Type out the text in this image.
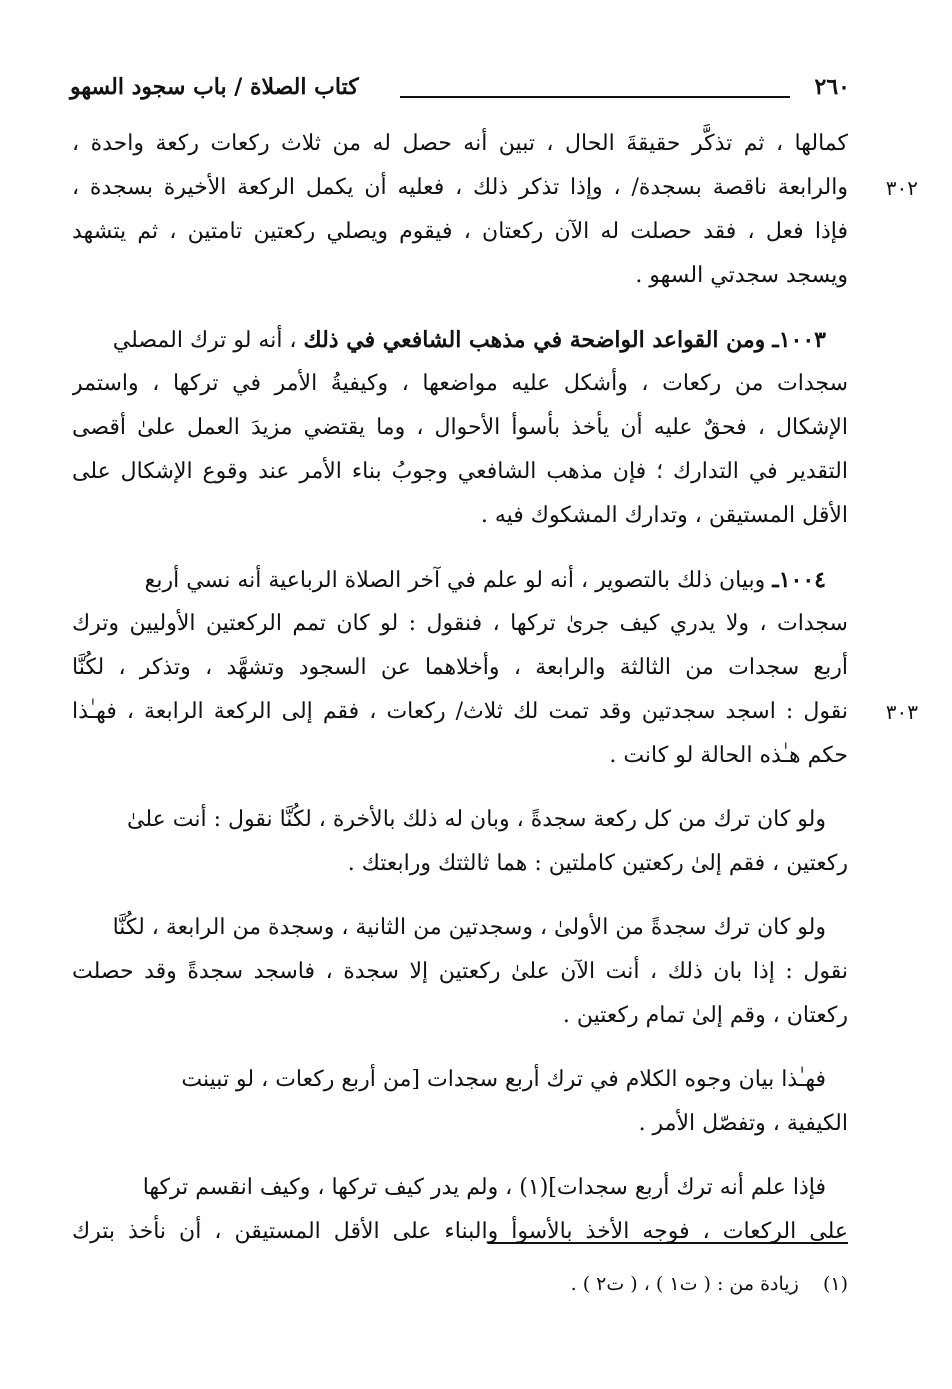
٢٦٠
كتاب الصلاة / باب سجود السهو
كمالها ، ثم تذكَّر حقيقةَ الحال ، تبين أنه حصل له من ثلاث ركعات ركعة واحدة ،
والرابعة ناقصة بسجدة/ ، وإذا تذكر ذلك ، فعليه أن يكمل الركعة الأخيرة بسجدة ، ٣٠٢
فإذا فعل ، فقد حصلت له الآن ركعتان ، فيقوم ويصلي ركعتين تامتين ، ثم يتشهد
ويسجد سجدتي السهو .
١٠٠٣ـ ومن القواعد الواضحة في مذهب الشافعي في ذلك ، أنه لو ترك المصلي
سجدات من ركعات ، وأشكل عليه مواضعها ، وكيفيةُ الأمر في تركها ، واستمر
الإشكال ، فحقٌ عليه أن يأخذ بأسوأ الأحوال ، وما يقتضي مزيدَ العمل علىٰ أقصى
التقدير في التدارك ؛ فإن مذهب الشافعي وجوبُ بناء الأمر عند وقوع الإشكال على
الأقل المستيقن ، وتدارك المشكوك فيه .
١٠٠٤ـ وبيان ذلك بالتصوير ، أنه لو علم في آخر الصلاة الرباعية أنه نسي أربع
سجدات ، ولا يدري كيف جرىٰ تركها ، فنقول : لو كان تمم الركعتين الأوليين وترك
أربع سجدات من الثالثة والرابعة ، وأخلاهما عن السجود وتشهَّد ، وتذكر ، لكُنَّا
نقول : اسجد سجدتين وقد تمت لك ثلاث/ ركعات ، فقم إلى الركعة الرابعة ، فهـٰذا ٣٠٣
حكم هـٰذه الحالة لو كانت .
ولو كان ترك من كل ركعة سجدةً ، وبان له ذلك بالأخرة ، لكُنَّا نقول : أنت علىٰ
ركعتين ، فقم إلىٰ ركعتين كاملتين : هما ثالثتك ورابعتك .
ولو كان ترك سجدةً من الأولىٰ ، وسجدتين من الثانية ، وسجدة من الرابعة ، لكُنَّا
نقول : إذا بان ذلك ، أنت الآن علىٰ ركعتين إلا سجدة ، فاسجد سجدةً وقد حصلت
ركعتان ، وقم إلىٰ تمام ركعتين .
فهـٰذا بيان وجوه الكلام في ترك أربع سجدات [من أربع ركعات ، لو تبينت
الكيفية ، وتفصّل الأمر .
فإذا علم أنه ترك أربع سجدات](١) ، ولم يدر كيف تركها ، وكيف انقسم تركها
على الركعات ، فوجه الأخذ بالأسوأ والبناء على الأقل المستيقن ، أن نأخذ بترك
(١)    زيادة من : ( ت١ ) ، ( ت٢ ) .
